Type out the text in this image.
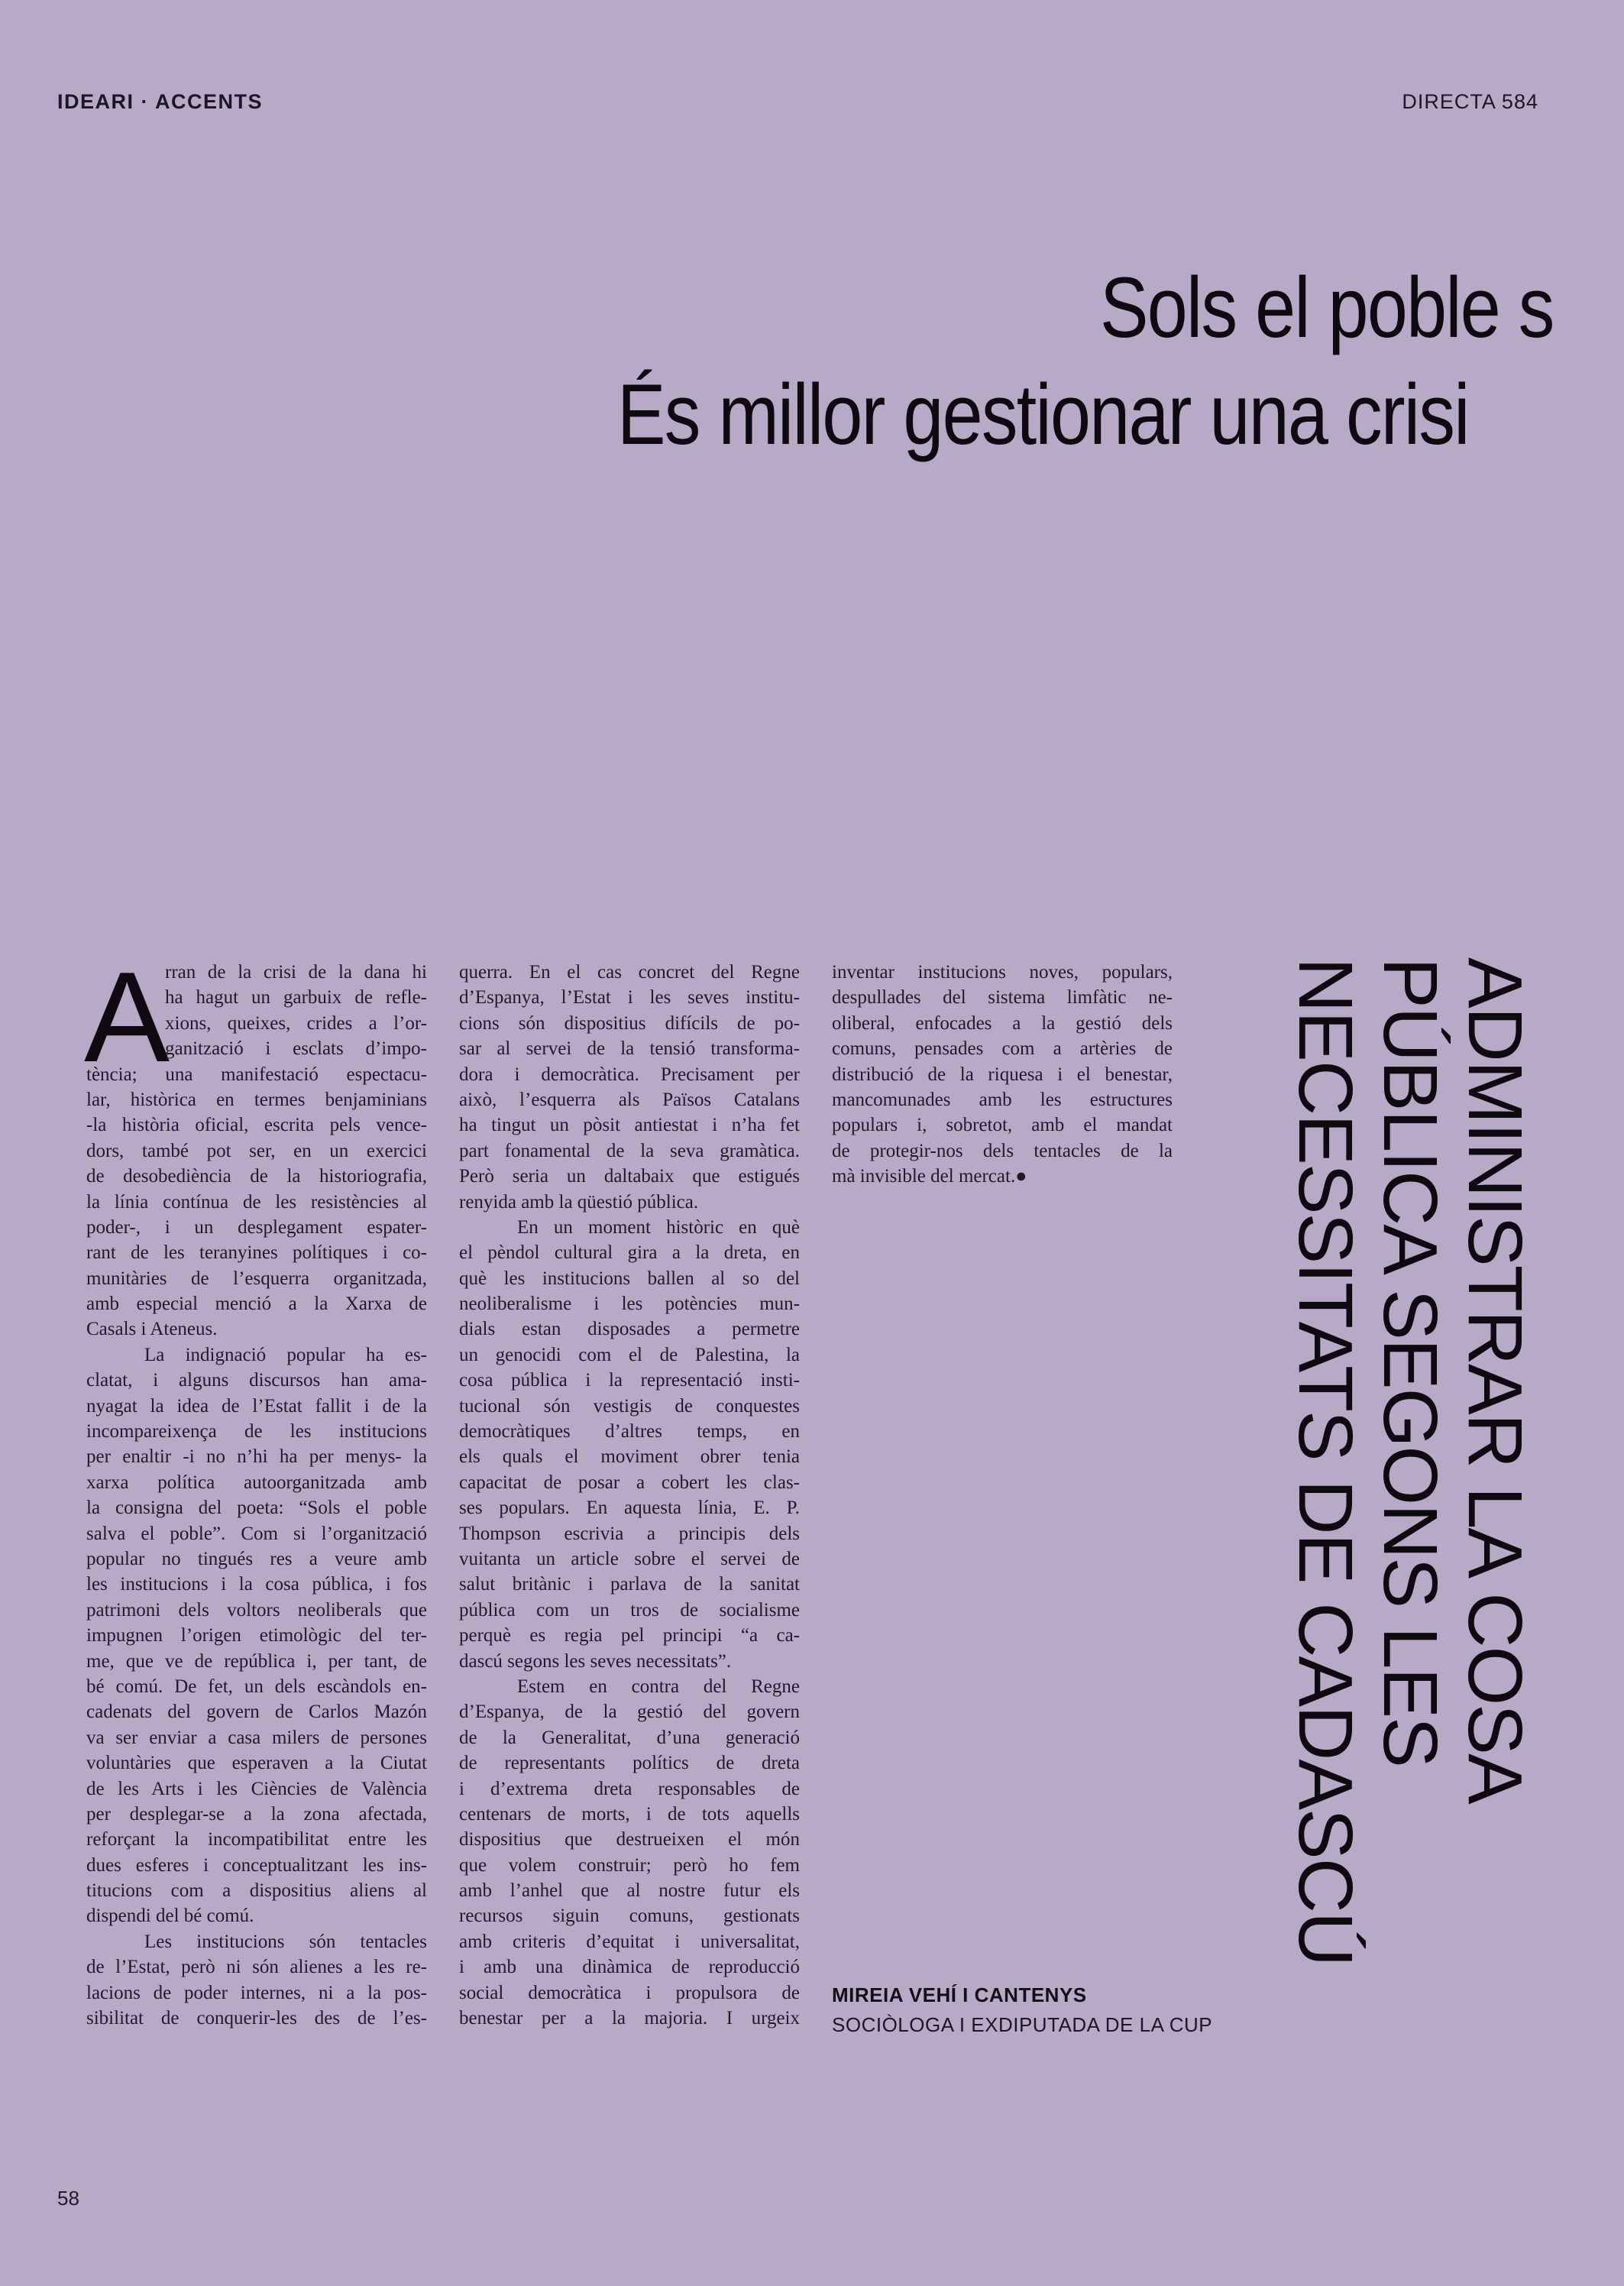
IDEARI · ACCENTS	DIRECTA 584
Sols el poble s
És millor gestionar una crisi
A
rran de la crisi de la dana hi
ha hagut un garbuix de refle-
xions, queixes, crides a l’or-
ganització i esclats d’impo-
tència; una manifestació espectacu-
lar, històrica en termes benjaminians
-la història oficial, escrita pels vence-
dors, també pot ser, en un exercici
de desobediència de la historiografia,
la línia contínua de les resistències al
poder-, i un desplegament espater-
rant de les teranyines polítiques i co-
munitàries de l’esquerra organitzada,
amb especial menció a la Xarxa de
Casals i Ateneus.
La indignació popular ha es-
clatat, i alguns discursos han ama-
nyagat la idea de l’Estat fallit i de la
incompareixença de les institucions
per enaltir -i no n’hi ha per menys- la
xarxa política autoorganitzada amb
la consigna del poeta: “Sols el poble
salva el poble”. Com si l’organització
popular no tingués res a veure amb
les institucions i la cosa pública, i fos
patrimoni dels voltors neoliberals que
impugnen l’origen etimològic del ter-
me, que ve de república i, per tant, de
bé comú. De fet, un dels escàndols en-
cadenats del govern de Carlos Mazón
va ser enviar a casa milers de persones
voluntàries que esperaven a la Ciutat
de les Arts i les Ciències de València
per desplegar-se a la zona afectada,
reforçant la incompatibilitat entre les
dues esferes i conceptualitzant les ins-
titucions com a dispositius aliens al
dispendi del bé comú.
Les institucions són tentacles
de l’Estat, però ni són alienes a les re-
lacions de poder internes, ni a la pos-
sibilitat de conquerir-les des de l’es-
querra. En el cas concret del Regne
d’Espanya, l’Estat i les seves institu-
cions són dispositius difícils de po-
sar al servei de la tensió transforma-
dora i democràtica. Precisament per
això, l’esquerra als Països Catalans
ha tingut un pòsit antiestat i n’ha fet
part fonamental de la seva gramàtica.
Però seria un daltabaix que estigués
renyida amb la qüestió pública.
En un moment històric en què
el pèndol cultural gira a la dreta, en
què les institucions ballen al so del
neoliberalisme i les potències mun-
dials estan disposades a permetre
un genocidi com el de Palestina, la
cosa pública i la representació insti-
tucional són vestigis de conquestes
democràtiques d’altres temps, en
els quals el moviment obrer tenia
capacitat de posar a cobert les clas-
ses populars. En aquesta línia, E. P.
Thompson escrivia a principis dels
vuitanta un article sobre el servei de
salut britànic i parlava de la sanitat
pública com un tros de socialisme
perquè es regia pel principi “a ca-
dascú segons les seves necessitats”.
Estem en contra del Regne
d’Espanya, de la gestió del govern
de la Generalitat, d’una generació
de representants polítics de dreta
i d’extrema dreta responsables de
centenars de morts, i de tots aquells
dispositius que destrueixen el món
que volem construir; però ho fem
amb l’anhel que al nostre futur els
recursos siguin comuns, gestionats
amb criteris d’equitat i universalitat,
i amb una dinàmica de reproducció
social democràtica i propulsora de
benestar per a la majoria. I urgeix
inventar institucions noves, populars,
despullades del sistema limfàtic ne-
oliberal, enfocades a la gestió dels
comuns, pensades com a artèries de
distribució de la riquesa i el benestar,
mancomunades amb les estructures
populars i, sobretot, amb el mandat
de protegir-nos dels tentacles de la
mà invisible del mercat.●	ADMINISTRAR LA COSA
PÚBLICA SEGONS LES
NECESSITATS DE CADASCÚ
MIREIA VEHÍ I CANTENYS
SOCIÒLOGA I EXDIPUTADA DE LA CUP
58
